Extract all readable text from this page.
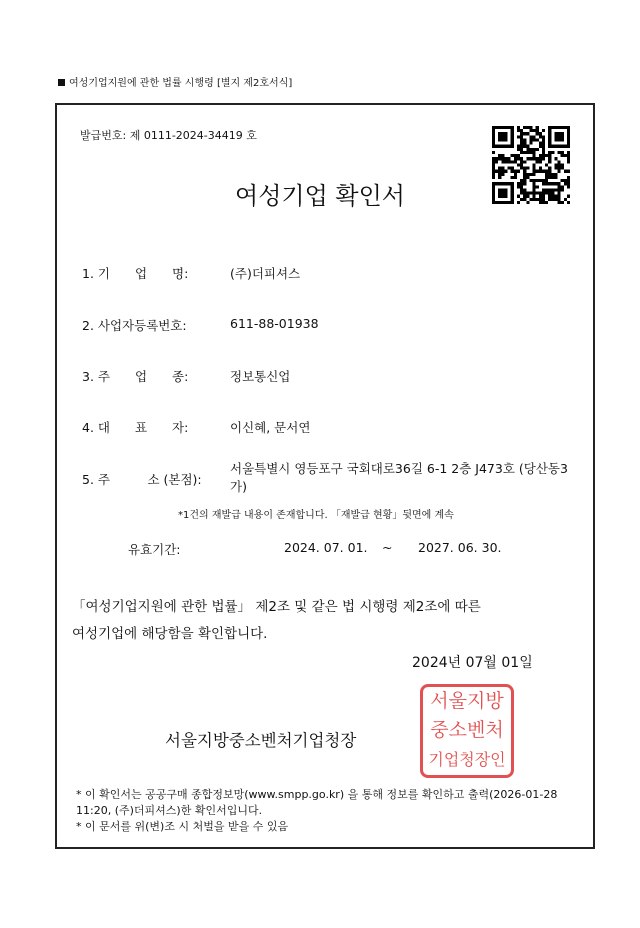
여성기업지원에 관한 법률 시행령 [별지 제2호서식]
발급번호: 제 0111-2024-34419 호
여성기업 확인서
1. 기　　업　　명:	(주)더피셔스
2. 사업자등록번호:	611-88-01938
3. 주　　업　　종:	정보통신업
4. 대　　표　　자:	이신혜, 문서연
5. 주　　　소 (본점):
서울특별시 영등포구 국회대로36길 6-1 2층 J473호 (당산동3
가)
*1건의 재발급 내용이 존재합니다. 「재발급 현황」뒷면에 계속
유효기간:	2024. 07. 01. ~ 2027. 06. 30.
「여성기업지원에 관한 법률」 제2조 및 같은 법 시행령 제2조에 따른
여성기업에 해당함을 확인합니다.
2024년 07월 01일
서울지방중소벤처기업청장
서울지방
중소벤처
기업청장인
* 이 확인서는 공공구매 종합정보망(www.smpp.go.kr) 을 통해 정보를 확인하고 출력(2026-01-28
11:20, (주)더피셔스)한 확인서입니다.
* 이 문서를 위(변)조 시 처벌을 받을 수 있음
